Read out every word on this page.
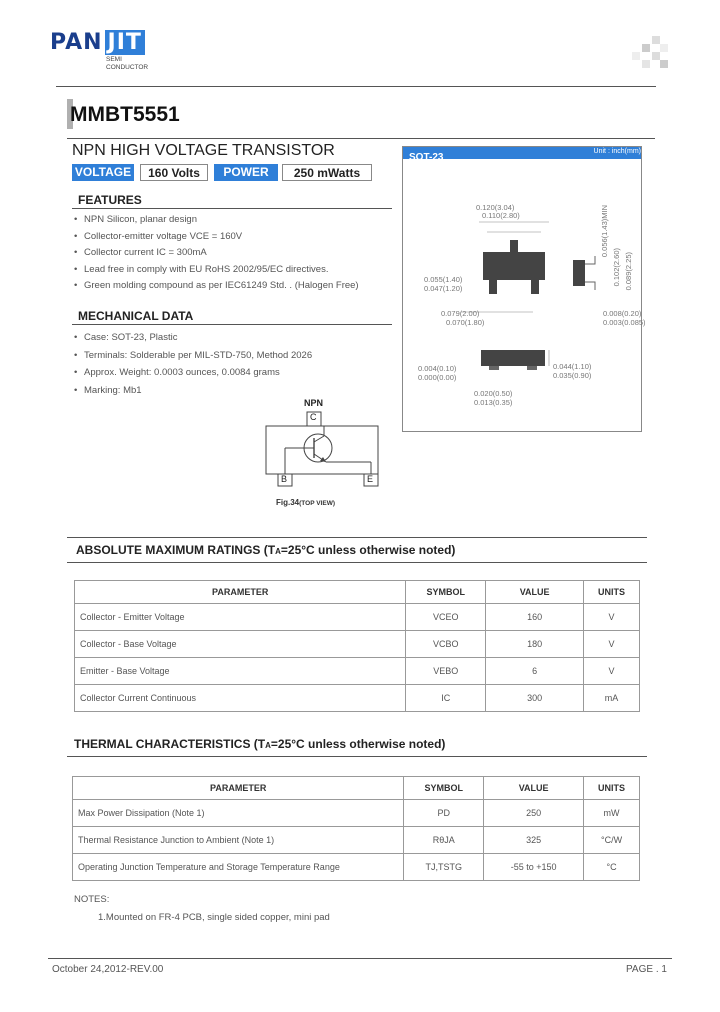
PAN JIT
SEMI
CONDUCTOR
MMBT5551
NPN HIGH VOLTAGE TRANSISTOR
VOLTAGE	160 Volts	POWER	250 mWatts
FEATURES
• NPN Silicon, planar design
• Collector-emitter voltage VCE = 160V
• Collector current IC = 300mA
• Lead free in comply with EU RoHS 2002/95/EC directives.
• Green molding compound as per IEC61249 Std. . (Halogen Free)
MECHANICAL DATA
• Case: SOT-23, Plastic
• Terminals: Solderable per MIL-STD-750, Method 2026
• Approx. Weight: 0.0003 ounces, 0.0084 grams
• Marking: Mb1
SOT-23
Unit : inch(mm)
0.120(3.04)
0.110(2.80)	0.056(1.43)MIN
0.055(1.40)
0.047(1.20)
0.102(2.60) 0.089(2.25)
0.079(2.00)
0.070(1.80)
0.008(0.20)
0.003(0.085)
0.004(0.10)
0.000(0.00)
0.044(1.10)
0.035(0.90)
0.020(0.50)
0.013(0.35)
NPN
C
B	E
Fig.34(TOP VIEW)
ABSOLUTE MAXIMUM RATINGS (TA=25°C unless otherwise noted)
PARAMETER	SYMBOL	VALUE	UNITS
Collector - Emitter Voltage	VCEO	160	V
Collector - Base Voltage	VCBO	180	V
Emitter - Base Voltage	VEBO	6	V
Collector Current Continuous	IC	300	mA
THERMAL CHARACTERISTICS (TA=25°C unless otherwise noted)
PARAMETER	SYMBOL	VALUE	UNITS
Max Power Dissipation (Note 1)	PD	250	mW
Thermal Resistance Junction to Ambient (Note 1)	RθJA	325	°C/W
Operating Junction Temperature and Storage Temperature Range	TJ,TSTG	-55 to +150	°C
NOTES:
1.Mounted on FR-4 PCB, single sided copper, mini pad
October 24,2012-REV.00	PAGE . 1
